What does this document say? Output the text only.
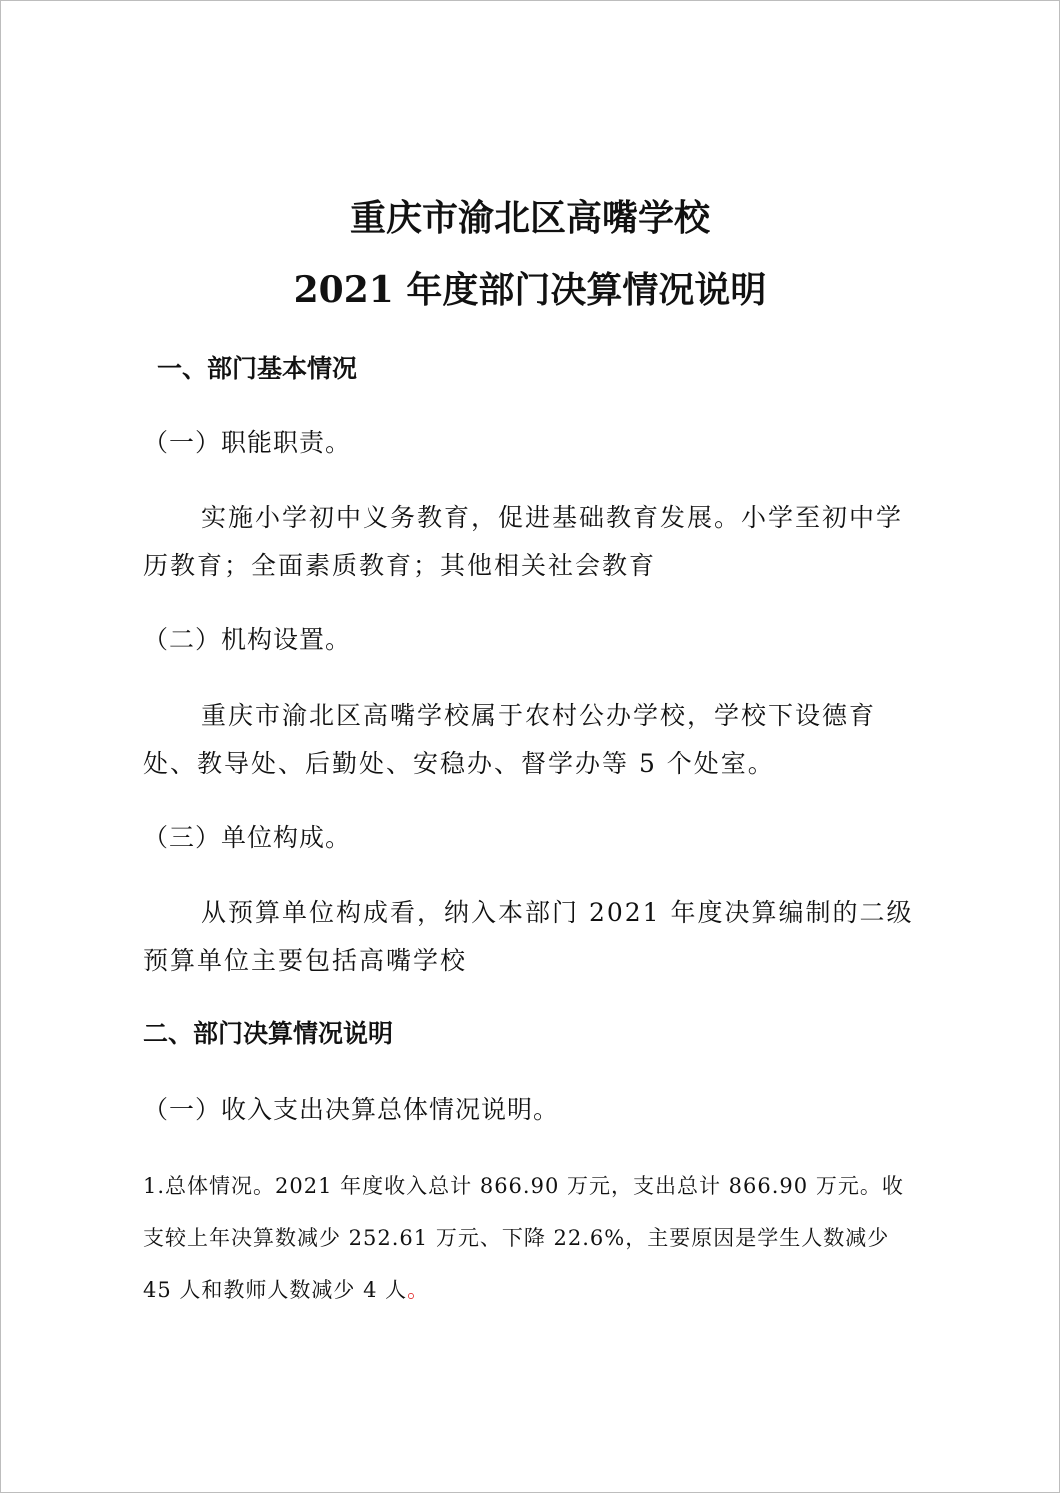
重庆市渝北区高嘴学校
2021 年度部门决算情况说明
一、部门基本情况
（一）职能职责。
实施小学初中义务教育，促进基础教育发展。小学至初中学历教育；全面素质教育；其他相关社会教育
（二）机构设置。
重庆市渝北区高嘴学校属于农村公办学校，学校下设德育处、教导处、后勤处、安稳办、督学办等 5 个处室。
（三）单位构成。
从预算单位构成看，纳入本部门 2021 年度决算编制的二级预算单位主要包括高嘴学校
二、部门决算情况说明
（一）收入支出决算总体情况说明。
1.总体情况。2021 年度收入总计 866.90 万元，支出总计 866.90 万元。收支较上年决算数减少 252.61 万元、下降 22.6%，主要原因是学生人数减少 45 人和教师人数减少 4 人。
